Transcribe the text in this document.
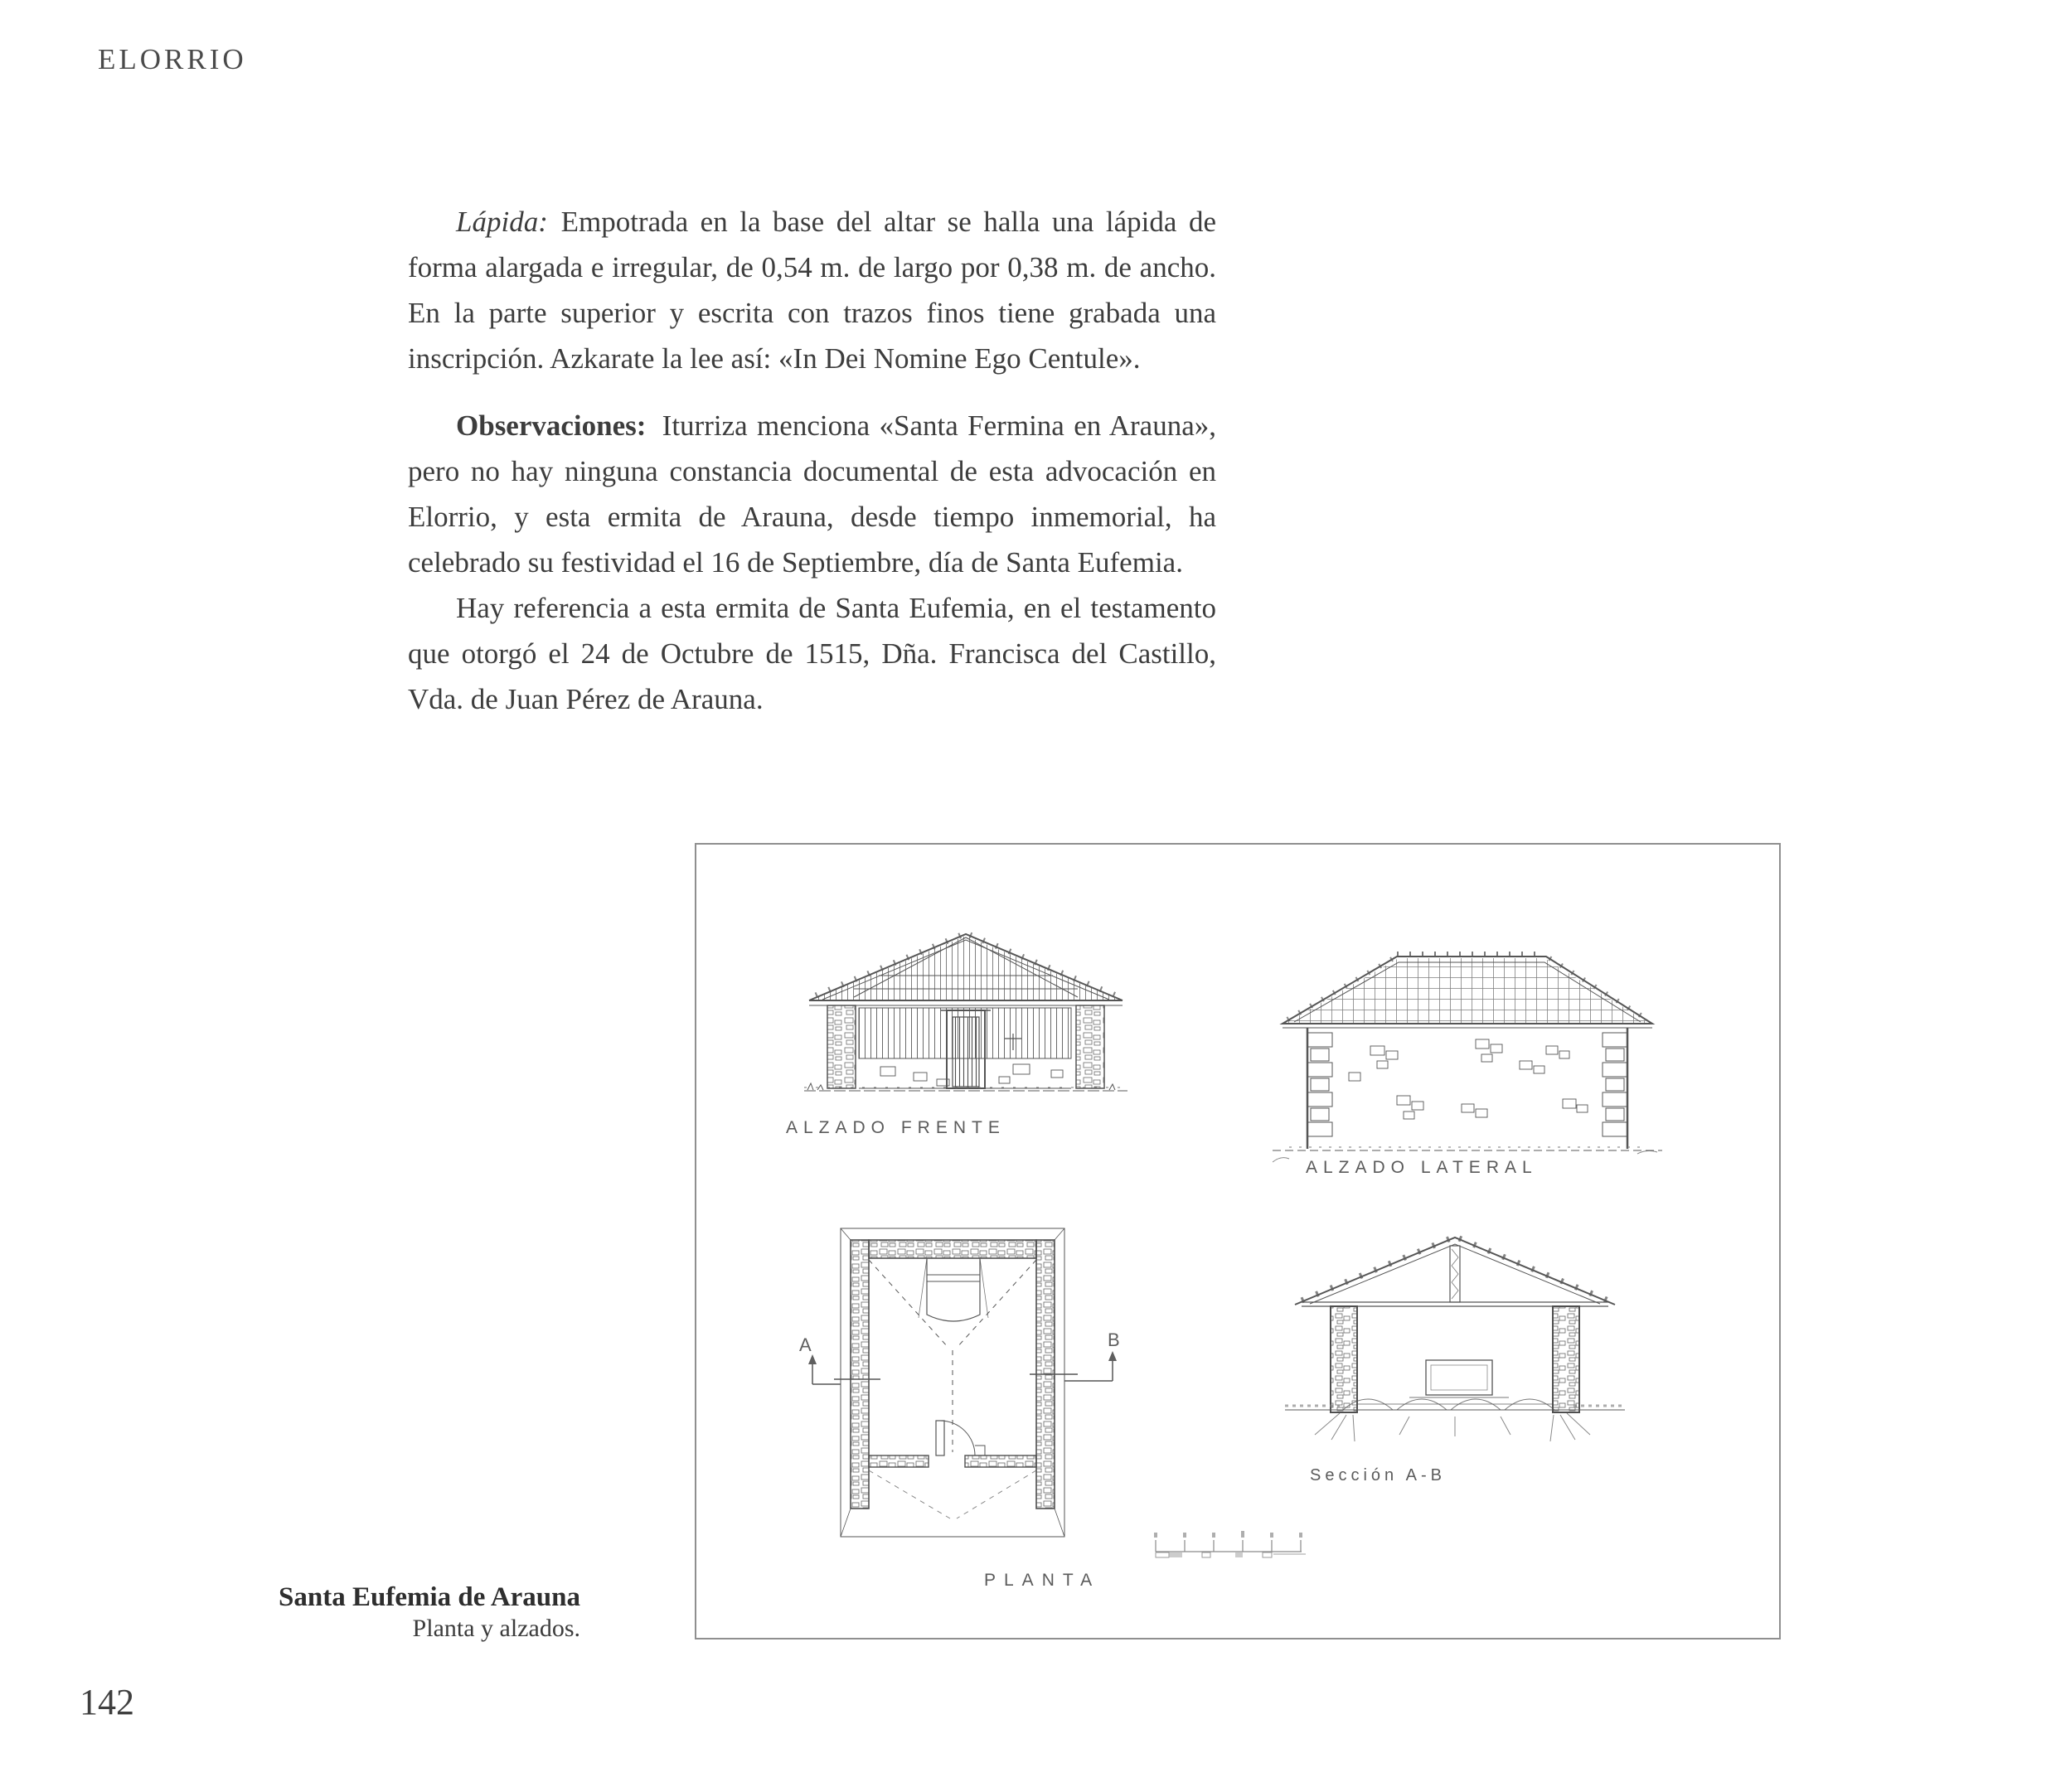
ELORRIO

Lápida: Empotrada en la base del altar se halla una lápida de forma alargada e irregular, de 0,54 m. de largo por 0,38 m. de ancho. En la parte superior y escrita con trazos finos tiene grabada una inscripción. Azkarate la lee así: «In Dei Nomine Ego Centule».

Observaciones: Iturriza menciona «Santa Fermina en Arauna», pero no hay ninguna constancia documental de esta advocación en Elorrio, y esta ermita de Arauna, desde tiempo inmemorial, ha celebrado su festividad el 16 de Septiembre, día de Santa Eufemia.

Hay referencia a esta ermita de Santa Eufemia, en el testamento que otorgó el 24 de Octubre de 1515, Dña. Francisca del Castillo, Vda. de Juan Pérez de Arauna.

ALZADO FRENTE
ALZADO LATERAL
A	B
PLANTA
Sección A-B
Santa Eufemia de Arauna
Planta y alzados.
142
